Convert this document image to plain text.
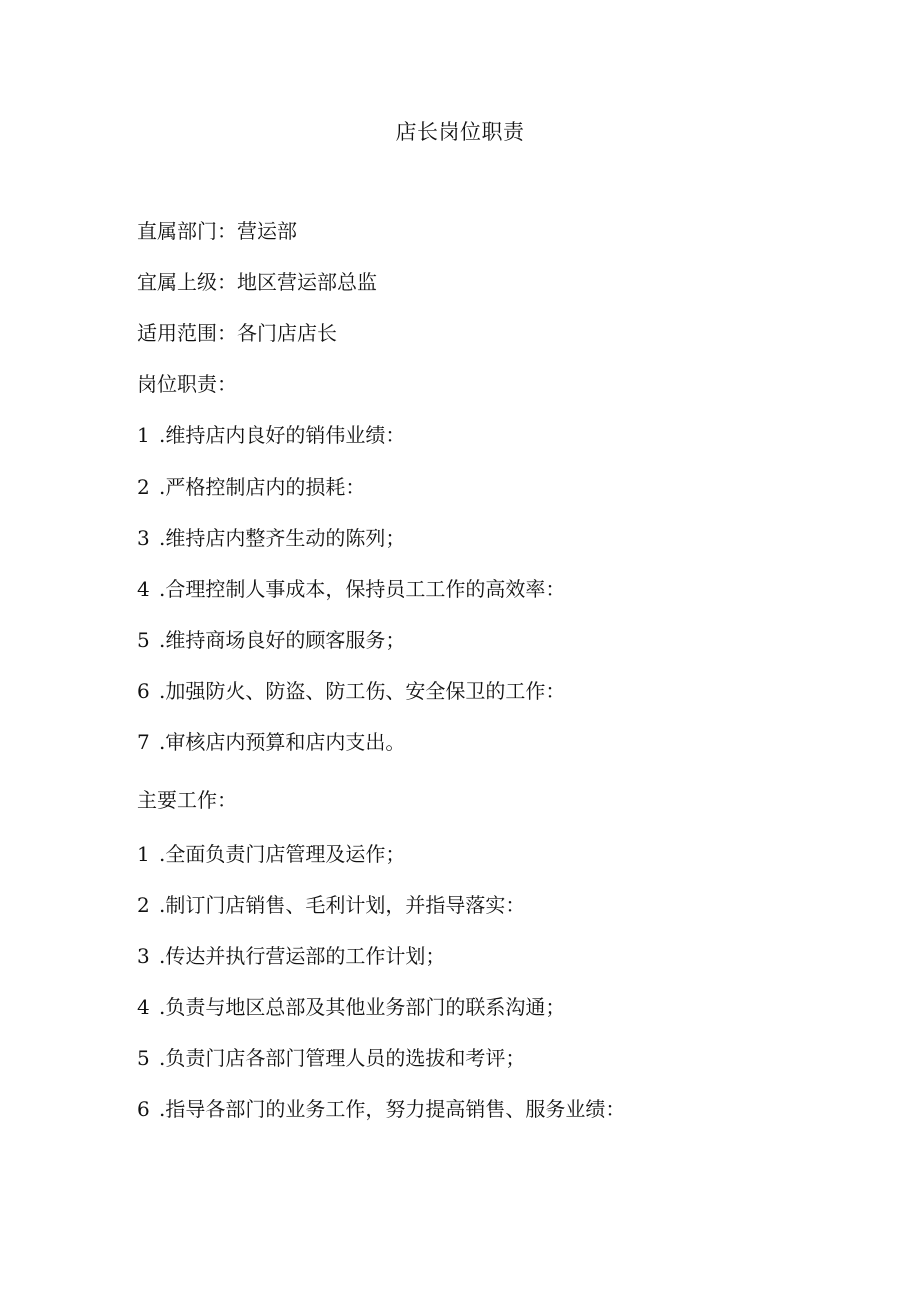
店长岗位职责
直属部门：营运部
宜属上级：地区营运部总监
适用范围：各门店店长
岗位职责：
1 .维持店内良好的销伟业绩：
2 .严格控制店内的损耗：
3 .维持店内整齐生动的陈列；
4 .合理控制人事成本，保持员工工作的高效率：
5 .维持商场良好的顾客服务；
6 .加强防火、防盗、防工伤、安全保卫的工作：
7 .审核店内预算和店内支出。
主要工作：
1 .全面负责门店管理及运作；
2 .制订门店销售、毛利计划，并指导落实：
3 .传达并执行营运部的工作计划；
4 .负责与地区总部及其他业务部门的联系沟通；
5 .负责门店各部门管理人员的选拔和考评；
6 .指导各部门的业务工作，努力提高销售、服务业绩：
